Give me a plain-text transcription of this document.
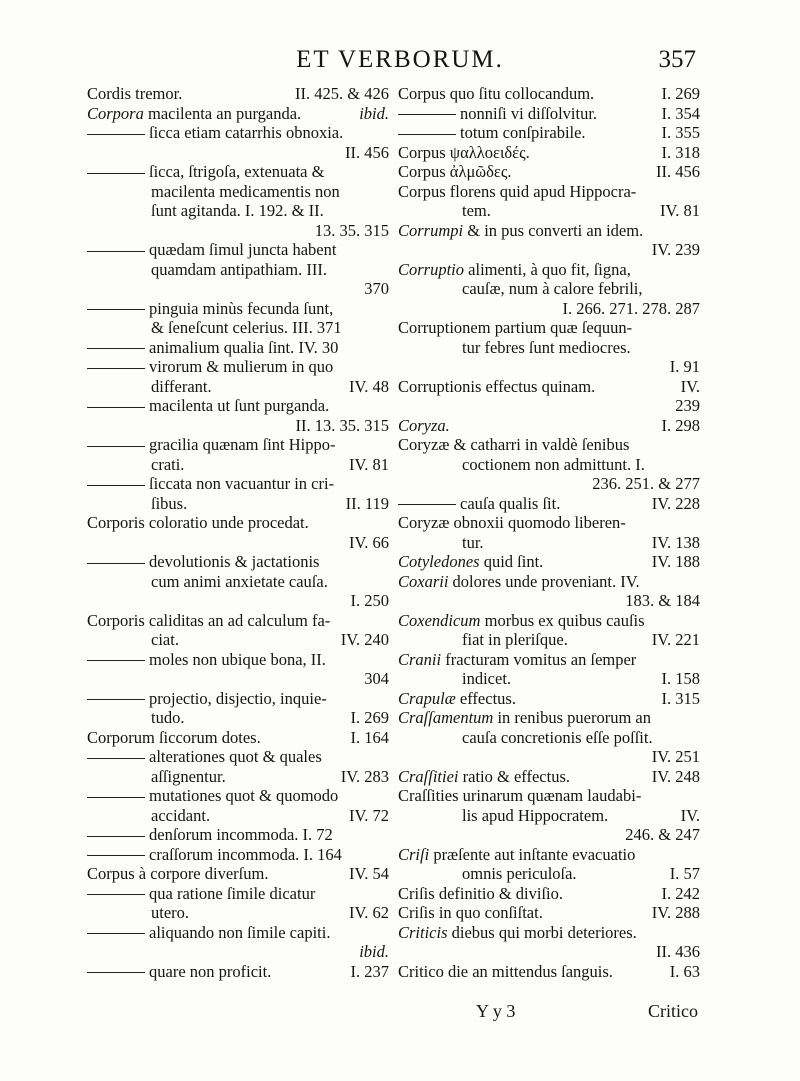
ET VERBORUM.	357
Cordis tremor.	II. 425. & 426
Corpora macilenta an purganda.	ibid.
ſicca etiam catarrhis obnoxia.
II. 456
ſicca, ſtrigoſa, extenuata &
macilenta medicamentis non
ſunt agitanda. I. 192. & II.
13. 35. 315
quædam ſimul juncta habent
quamdam antipathiam. III.
370
pinguia minùs fecunda ſunt,
& ſeneſcunt celerius. III. 371
animalium qualia ſint. IV. 30
virorum & mulierum in quo
differant.	IV. 48
macilenta ut ſunt purganda.
II. 13. 35. 315
gracilia quænam ſint Hippo-
crati.	IV. 81
ſiccata non vacuantur in cri-
ſibus.	II. 119
Corporis coloratio unde procedat.
IV. 66
devolutionis & jactationis
cum animi anxietate cauſa.
I. 250
Corporis caliditas an ad calculum fa-
ciat.	IV. 240
moles non ubique bona, II.
304
projectio, disjectio, inquie-
tudo.	I. 269
Corporum ſiccorum dotes.	I. 164
alterationes quot & quales
aſſignentur.	IV. 283
mutationes quot & quomodo
accidant.	IV. 72
denſorum incommoda. I. 72
craſſorum incommoda. I. 164
Corpus à corpore diverſum.	IV. 54
qua ratione ſimile dicatur
utero.	IV. 62
aliquando non ſimile capiti.
ibid.
quare non proficit.	I. 237
Corpus quo ſitu collocandum.	I. 269
nonniſi vi diſſolvitur.	I. 354
totum conſpirabile.	I. 355
Corpus ψαλλοειδές.	I. 318
Corpus ἀλμῶδες.	II. 456
Corpus florens quid apud Hippocra-
tem.	IV. 81
Corrumpi & in pus converti an idem.
IV. 239
Corruptio alimenti, à quo fit, ſigna,
cauſæ, num à calore febrili,
I. 266. 271. 278. 287
Corruptionem partium quæ ſequun-
tur febres ſunt mediocres.
I. 91
Corruptionis effectus quinam.	IV.
239
Coryza.	I. 298
Coryzæ & catharri in valdè ſenibus
coctionem non admittunt. I.
236. 251. & 277
cauſa qualis ſit.	IV. 228
Coryzæ obnoxii quomodo liberen-
tur.	IV. 138
Cotyledones quid ſint.	IV. 188
Coxarii dolores unde proveniant. IV.
183. & 184
Coxendicum morbus ex quibus cauſis
fiat in pleriſque.	IV. 221
Cranii fracturam vomitus an ſemper
indicet.	I. 158
Crapulæ effectus.	I. 315
Craſſamentum in renibus puerorum an
cauſa concretionis eſſe poſſit.
IV. 251
Craſſitiei ratio & effectus.	IV. 248
Craſſities urinarum quænam laudabi-
lis apud Hippocratem.	IV.
246. & 247
Criſi præſente aut inſtante evacuatio
omnis periculoſa.	I. 57
Criſis definitio & diviſio.	I. 242
Criſis in quo conſiſtat.	IV. 288
Criticis diebus qui morbi deteriores.
II. 436
Critico die an mittendus ſanguis.	I. 63
Y y 3	Critico
